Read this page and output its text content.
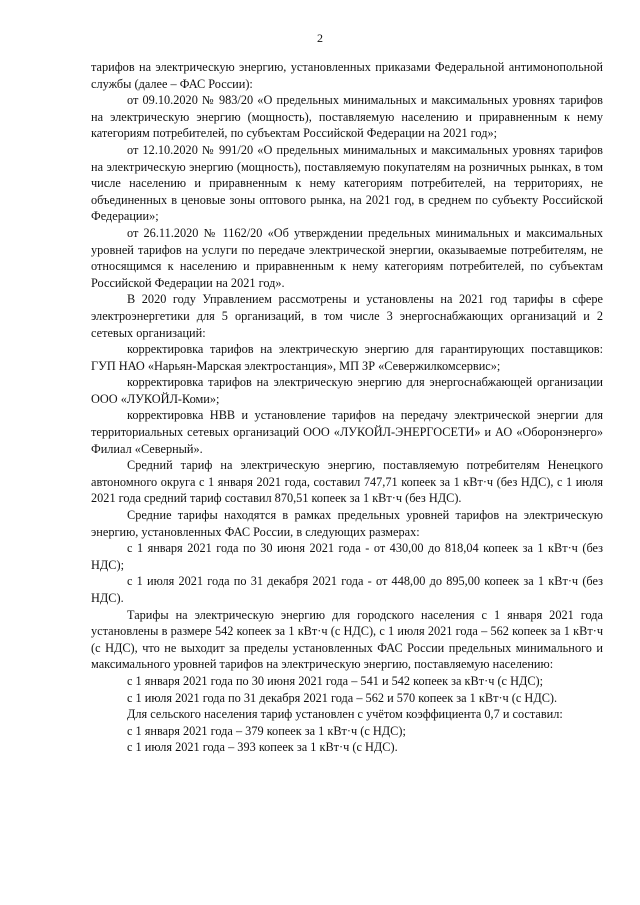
2

тарифов на электрическую энергию, установленных приказами Федеральной антимонопольной службы (далее – ФАС России):

от 09.10.2020 № 983/20 «О предельных минимальных и максимальных уровнях тарифов на электрическую энергию (мощность), поставляемую населению и приравненным к нему категориям потребителей, по субъектам Российской Федерации на 2021 год»;

от 12.10.2020 № 991/20 «О предельных минимальных и максимальных уровнях тарифов на электрическую энергию (мощность), поставляемую покупателям на розничных рынках, в том числе населению и приравненным к нему категориям потребителей, на территориях, не объединенных в ценовые зоны оптового рынка, на 2021 год, в среднем по субъекту Российской Федерации»;

от 26.11.2020 № 1162/20 «Об утверждении предельных минимальных и максимальных уровней тарифов на услуги по передаче электрической энергии, оказываемые потребителям, не относящимся к населению и приравненным к нему категориям потребителей, по субъектам Российской Федерации на 2021 год».

В 2020 году Управлением рассмотрены и установлены на 2021 год тарифы в сфере электроэнергетики для 5 организаций, в том числе 3 энергоснабжающих организаций и 2 сетевых организаций:

корректировка тарифов на электрическую энергию для гарантирующих поставщиков: ГУП НАО «Нарьян-Марская электростанция», МП ЗР «Севержилкомсервис»;

корректировка тарифов на электрическую энергию для энергоснабжающей организации ООО «ЛУКОЙЛ-Коми»;

корректировка НВВ и установление тарифов на передачу электрической энергии для территориальных сетевых организаций ООО «ЛУКОЙЛ-ЭНЕРГОСЕТИ» и АО «Оборонэнерго» Филиал «Северный».

Средний тариф на электрическую энергию, поставляемую потребителям Ненецкого автономного округа с 1 января 2021 года, составил 747,71 копеек за 1 кВт·ч (без НДС), с 1 июля 2021 года средний тариф составил 870,51 копеек за 1 кВт·ч (без НДС).

Средние тарифы находятся в рамках предельных уровней тарифов на электрическую энергию, установленных ФАС России, в следующих размерах:

с 1 января 2021 года по 30 июня 2021 года - от 430,00 до 818,04 копеек за 1 кВт·ч (без НДС);

с 1 июля 2021 года по 31 декабря 2021 года - от 448,00 до 895,00 копеек за 1 кВт·ч (без НДС).

Тарифы на электрическую энергию для городского населения с 1 января 2021 года установлены в размере 542 копеек за 1 кВт·ч (с НДС), с 1 июля 2021 года – 562 копеек за 1 кВт·ч (с НДС), что не выходит за пределы установленных ФАС России предельных минимального и максимального уровней тарифов на электрическую энергию, поставляемую населению:

с 1 января 2021 года по 30 июня 2021 года – 541 и 542 копеек за кВт·ч (с НДС);

с 1 июля 2021 года по 31 декабря 2021 года – 562 и 570 копеек за 1 кВт·ч (с НДС).

Для сельского населения тариф установлен с учётом коэффициента 0,7 и составил:

с 1 января 2021 года – 379 копеек за 1 кВт·ч (с НДС);

с 1 июля 2021 года – 393 копеек за 1 кВт·ч (с НДС).
